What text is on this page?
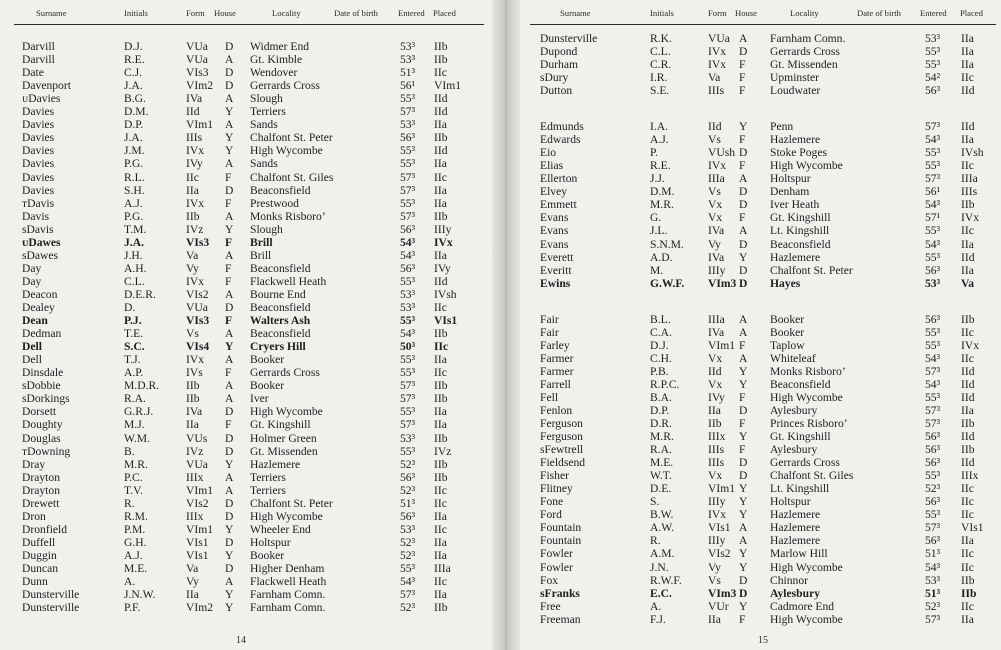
Surname	Initials	Form House	Locality	Date of birth Entered Placed
Darvill	D.J.	VUa D Widmer End	53³ IIb
Darvill	R.E.	VUa A Gt. Kimble	53³ IIb
Date	C.J.	VIs3 D Wendover	51³ IIc
Davenport	J.A.	VIm2 D Gerrards Cross	56¹ VIm1
ᴜDavies	B.G.	IVa A Slough	55³ IId
Davies	D.M.	IId Y Terriers	57³ IId
Davies	D.P.	VIm1 A Sands	53³ IIa
Davies	J.A.	IIIs Y Chalfont St. Peter	56³ IIb
Davies	J.M.	IVx Y High Wycombe	55³ IId
Davies	P.G.	IVy A Sands	55³ IIa
Davies	R.L.	IIc F Chalfont St. Giles	57³ IIc
Davies	S.H.	IIa D Beaconsfield	57³ IIa
ᴛDavis	A.J.	IVx F Prestwood	55³ IIa
Davis	P.G.	IIb A Monks Risboro’	57³ IIb
sDavis	T.M.	IVz Y Slough	56³ IIIy
ᴜDawes	J.A.	VIs3 F Brill	54³ IVx
sDawes	J.H.	Va A Brill	54³ IIa
Day	A.H.	Vy F Beaconsfield	56³ IVy
Day	C.L.	IVx F Flackwell Heath	55³ IId
Deacon	D.E.R.	VIs2 A Bourne End	53³ IVsh
Dealey	D.	VUa D Beaconsfield	53³ IIc
Dean	P.J.	VIs3 F Walters Ash	55³ VIs1
Dedman	T.E.	Vs A Beaconsfield	54³ IIb
Dell	S.C.	VIs4 Y Cryers Hill	50³ IIc
Dell	T.J.	IVx A Booker	55³ IIa
Dinsdale	A.P.	IVs F Gerrards Cross	55³ IIc
sDobbie	M.D.R. IIb A Booker	57³ IIb
sDorkings	R.A.	IIb A Iver	57³ IIb
Dorsett	G.R.J.	IVa D High Wycombe	55³ IIa
Doughty	M.J.	IIa F Gt. Kingshill	57³ IIa
Douglas	W.M.	VUs D Holmer Green	53³ IIb
ᴛDowning	B.	IVz D Gt. Missenden	55³ IVz
Dray	M.R.	VUa Y Hazlemere	52³ IIb
Drayton	P.C.	IIIx A Terriers	56³ IIb
Drayton	T.V.	VIm1 A Terriers	52³ IIc
Drewett	R.	VIs2 D Chalfont St. Peter	51³ IIc
Dron	R.M.	IIIx D High Wycombe	56³ IIa
Dronfield	P.M.	VIm1 Y Wheeler End	53³ IIc
Duffell	G.H.	VIs1 D Holtspur	52³ IIa
Duggin	A.J.	VIs1 Y Booker	52³ IIa
Duncan	M.E.	Va D Higher Denham	55³ IIIa
Dunn	A.	Vy A Flackwell Heath	54³ IIc
Dunsterville	J.N.W.	IIa Y Farnham Comn.	57³ IIa
Dunsterville	P.F.	VIm2 Y Farnham Comn.	52³ IIb
14
Surname	Initials	Form House	Locality	Date of birth Entered Placed
Dunsterville	R.K.	VUa A Farnham Comn.	53³ IIa
Dupond	C.L.	IVx D Gerrards Cross	55³ IIa
Durham	C.R.	IVx F Gt. Missenden	55³ IIa
sDury	I.R.	Va F Upminster	54² IIc
Dutton	S.E.	IIIs F Loudwater	56³ IId
Edmunds	I.A.	IId Y Penn	57³ IId
Edwards	A.J.	Vs F Hazlemere	54³ IIa
Eio	P.	VUsh D Stoke Poges	55³ IVsh
Elias	R.E.	IVx F High Wycombe	55³ IIc
Ellerton	J.J.	IIIa A Holtspur	57³ IIIa
Elvey	D.M.	Vs D Denham	56¹ IIIs
Emmett	M.R.	Vx D Iver Heath	54³ IIb
Evans	G.	Vx F Gt. Kingshill	57¹ IVx
Evans	J.L.	IVa A Lt. Kingshill	55³ IIc
Evans	S.N.M. Vy D Beaconsfield	54³ IIa
Everett	A.D.	IVa Y Hazlemere	55³ IId
Everitt	M.	IIIy D Chalfont St. Peter	56³ IIa
Ewins	G.W.F. VIm3 D Hayes	53³ Va
Fair	B.L.	IIIa A Booker	56³ IIb
Fair	C.A.	IVa A Booker	55³ IIc
Farley	D.J.	VIm1 F Taplow	55³ IVx
Farmer	C.H.	Vx A Whiteleaf	54³ IIc
Farmer	P.B.	IId Y Monks Risboro’	57³ IId
Farrell	R.P.C. Vx Y Beaconsfield	54³ IId
Fell	B.A.	IVy F High Wycombe	55³ IId
Fenlon	D.P.	IIa D Aylesbury	57³ IIa
Ferguson	D.R.	IIb F Princes Risboro’	57³ IIb
Ferguson	M.R.	IIIx Y Gt. Kingshill	56³ IId
sFewtrell	R.A.	IIIs F Aylesbury	56³ IIb
Fieldsend	M.E.	IIIs D Gerrards Cross	56³ IId
Fisher	W.T.	Vx D Chalfont St. Giles	55³ IIIx
Flitney	D.E.	VIm1 Y Lt. Kingshill	52³ IIc
Fone	S.	IIIy Y Holtspur	56³ IIc
Ford	B.W.	IVx Y Hazlemere	55³ IIc
Fountain	A.W.	VIs1 A Hazlemere	57³ VIs1
Fountain	R.	IIIy A Hazlemere	56³ IIa
Fowler	A.M.	VIs2 Y Marlow Hill	51³ IIc
Fowler	J.N.	Vy Y High Wycombe	54³ IIc
Fox	R.W.F. Vs D Chinnor	53³ IIb
sFranks	E.C.	VIm3 D Aylesbury	51³ IIb
Free	A.	VUr Y Cadmore End	52³ IIc
Freeman	F.J.	IIa F High Wycombe	57³ IIa
15
